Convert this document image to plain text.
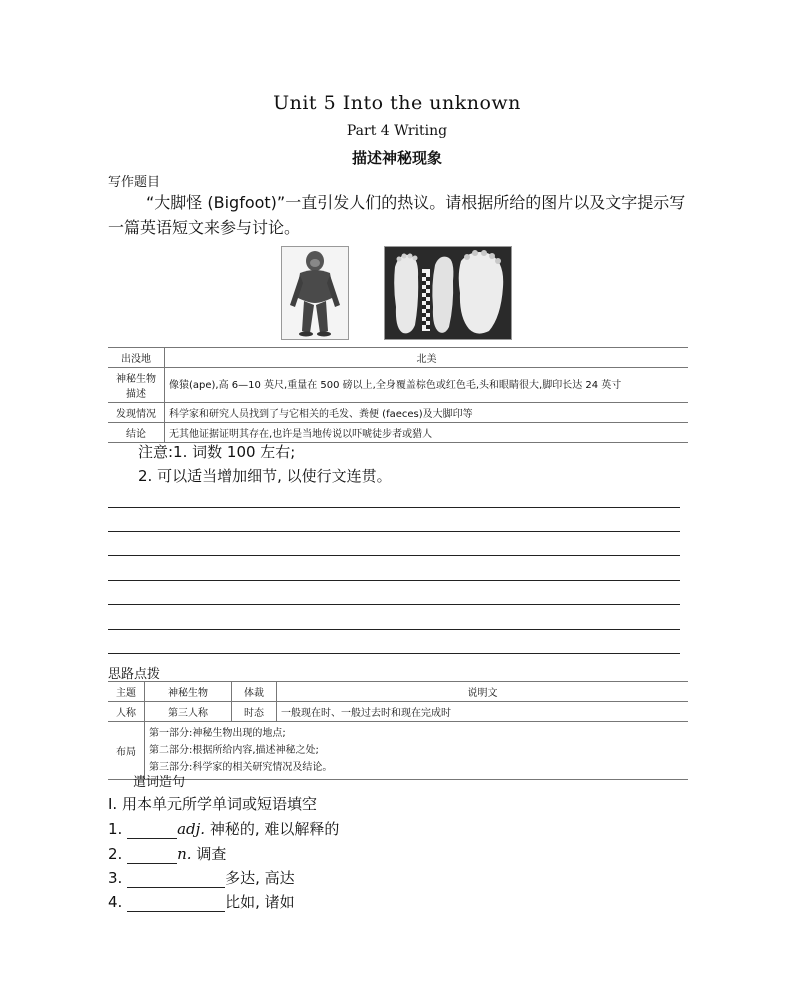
Unit 5 Into the unknown
Part 4 Writing
描述神秘现象
写作题目
“大脚怪 (Bigfoot)”一直引发人们的热议。请根据所给的图片以及文字提示写一篇英语短文来参与讨论。
出没地	北美
神秘生物描述	像猿(ape),高 6—10 英尺,重量在 500 磅以上,全身覆盖棕色或红色毛,头和眼睛很大,脚印长达 24 英寸
发现情况	科学家和研究人员找到了与它相关的毛发、粪便 (faeces)及大脚印等
结论	无其他证据证明其存在,也许是当地传说以吓唬徒步者或猎人
注意:1. 词数 100 左右;
2. 可以适当增加细节, 以使行文连贯。
思路点拨
主题	神秘生物	体裁	说明文
人称	第三人称	时态	一般现在时、一般过去时和现在完成时
布局	第一部分:神秘生物出现的地点;
第二部分:根据所给内容,描述神秘之处;
第三部分:科学家的相关研究情况及结论。		
遣词造句
Ⅰ. 用本单元所学单词或短语填空
1.	adj. 神秘的, 难以解释的
2.	n. 调查
3.	多达, 高达
4.	比如, 诸如
